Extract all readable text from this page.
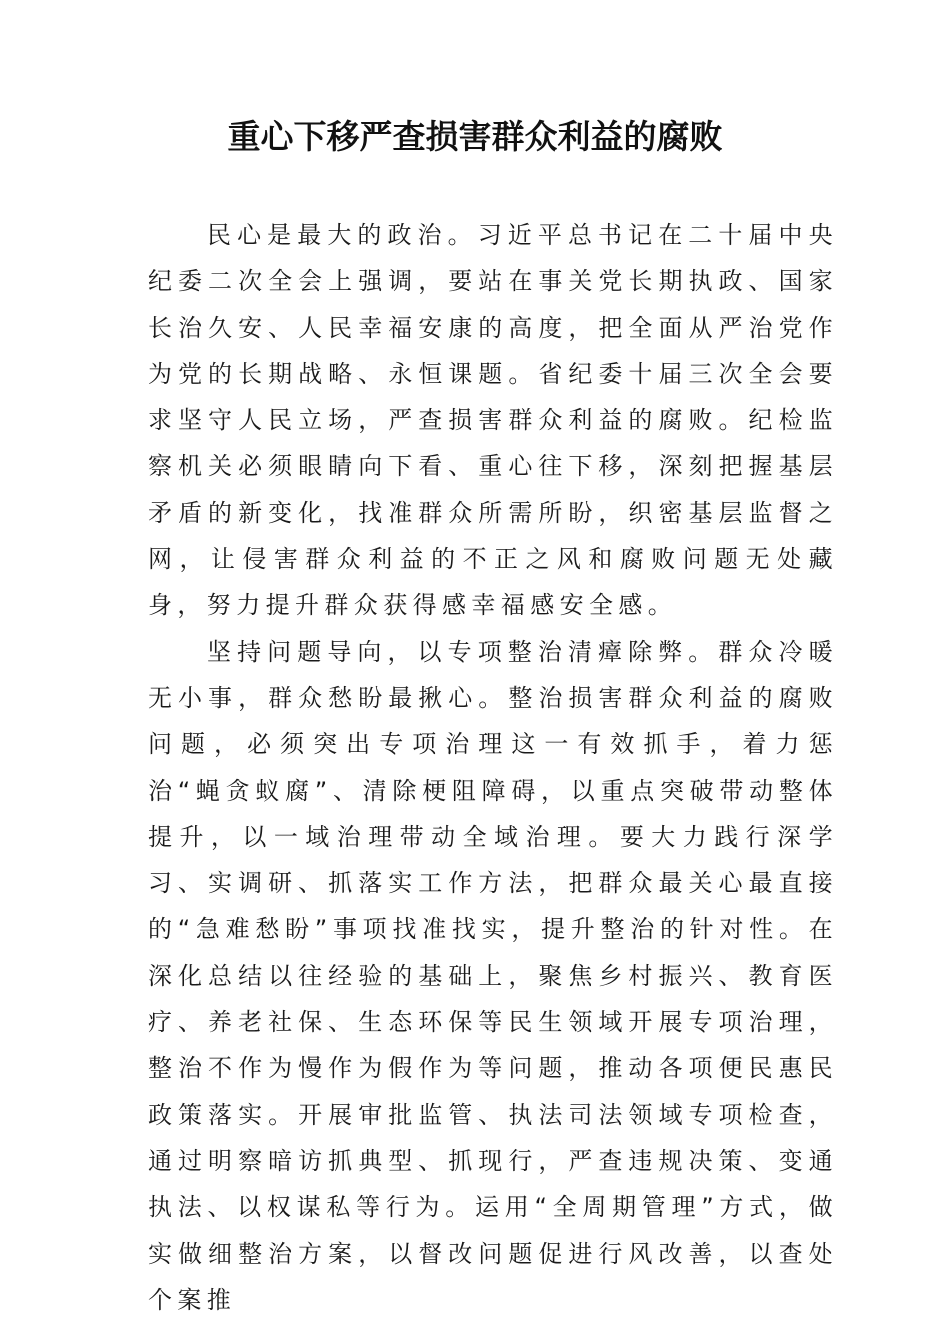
重心下移严查损害群众利益的腐败

民心是最大的政治。习近平总书记在二十届中央纪委二次全会上强调，要站在事关党长期执政、国家长治久安、人民幸福安康的高度，把全面从严治党作为党的长期战略、永恒课题。省纪委十届三次全会要求坚守人民立场，严查损害群众利益的腐败。纪检监察机关必须眼睛向下看、重心往下移，深刻把握基层矛盾的新变化，找准群众所需所盼，织密基层监督之网，让侵害群众利益的不正之风和腐败问题无处藏身，努力提升群众获得感幸福感安全感。

坚持问题导向，以专项整治清瘴除弊。群众冷暖无小事，群众愁盼最揪心。整治损害群众利益的腐败问题，必须突出专项治理这一有效抓手，着力惩治“蝇贪蚁腐”、清除梗阻障碍，以重点突破带动整体提升，以一域治理带动全域治理。要大力践行深学习、实调研、抓落实工作方法，把群众最关心最直接的“急难愁盼”事项找准找实，提升整治的针对性。在深化总结以往经验的基础上，聚焦乡村振兴、教育医疗、养老社保、生态环保等民生领域开展专项治理，整治不作为慢作为假作为等问题，推动各项便民惠民政策落实。开展审批监管、执法司法领域专项检查，通过明察暗访抓典型、抓现行，严查违规决策、变通执法、以权谋私等行为。运用“全周期管理”方式，做实做细整治方案，以督改问题促进行风改善，以查处个案推
